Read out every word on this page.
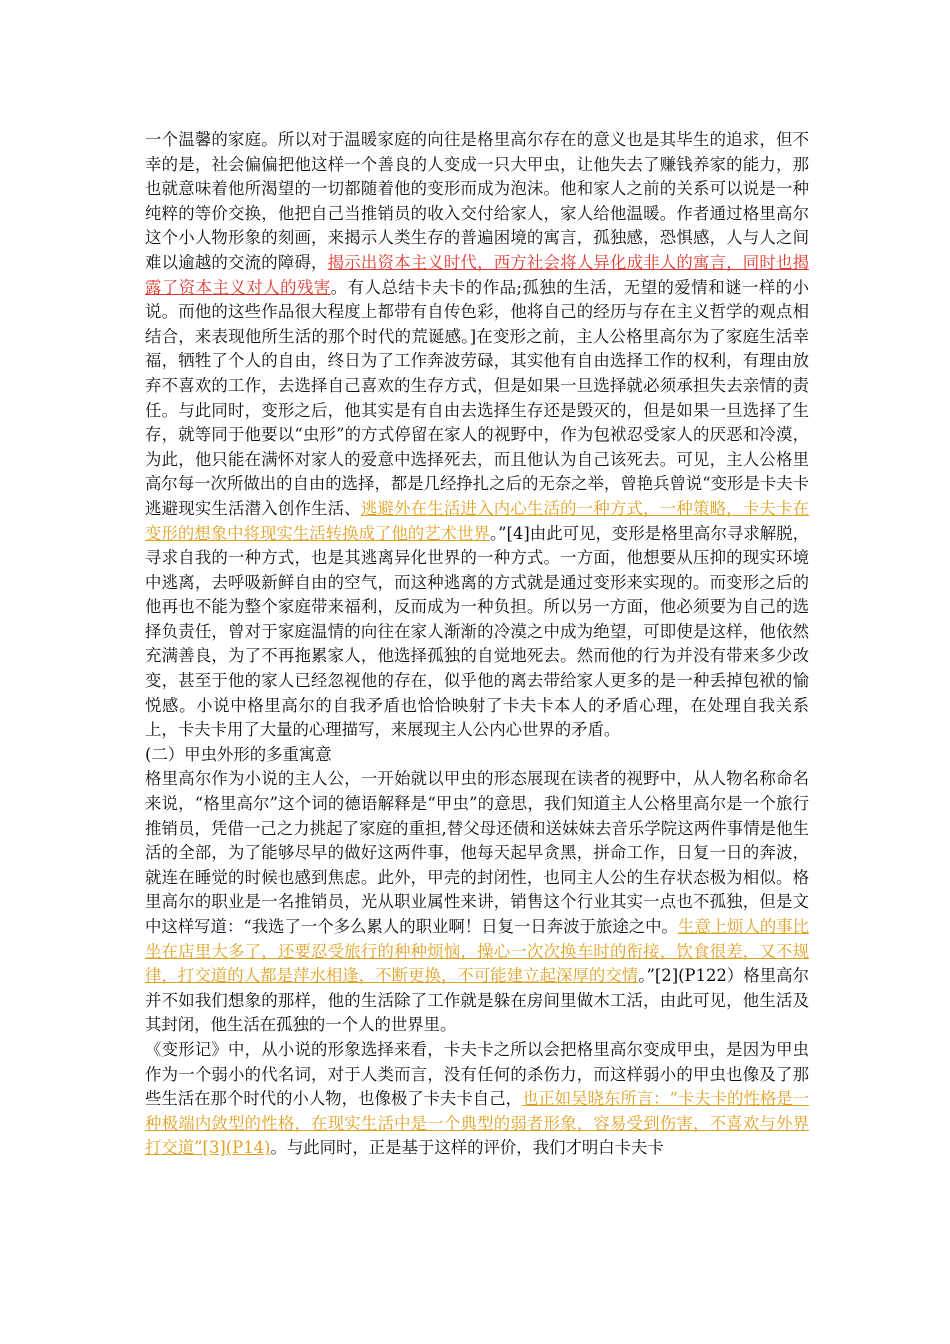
一个温馨的家庭。所以对于温暖家庭的向往是格里高尔存在的意义也是其毕生的追求，但不幸的是，社会偏偏把他这样一个善良的人变成一只大甲虫，让他失去了赚钱养家的能力，那也就意味着他所渴望的一切都随着他的变形而成为泡沫。他和家人之前的关系可以说是一种纯粹的等价交换，他把自己当推销员的收入交付给家人，家人给他温暖。作者通过格里高尔这个小人物形象的刻画，来揭示人类生存的普遍困境的寓言，孤独感，恐惧感，人与人之间难以逾越的交流的障碍，揭示出资本主义时代，西方社会将人异化成非人的寓言，同时也揭露了资本主义对人的残害。有人总结卡夫卡的作品;孤独的生活，无望的爱情和谜一样的小说。而他的这些作品很大程度上都带有自传色彩，他将自己的经历与存在主义哲学的观点相结合，来表现他所生活的那个时代的荒诞感。]在变形之前，主人公格里高尔为了家庭生活幸福，牺牲了个人的自由，终日为了工作奔波劳碌，其实他有自由选择工作的权利，有理由放弃不喜欢的工作，去选择自己喜欢的生存方式，但是如果一旦选择就必须承担失去亲情的责任。与此同时，变形之后，他其实是有自由去选择生存还是毁灭的，但是如果一旦选择了生存，就等同于他要以“虫形”的方式停留在家人的视野中，作为包袱忍受家人的厌恶和冷漠，为此，他只能在满怀对家人的爱意中选择死去，而且他认为自己该死去。可见，主人公格里高尔每一次所做出的自由的选择，都是几经挣扎之后的无奈之举，曾艳兵曾说“变形是卡夫卡逃避现实生活潜入创作生活、逃避外在生活进入内心生活的一种方式，一种策略，卡夫卡在变形的想象中将现实生活转换成了他的艺术世界。”[4]由此可见，变形是格里高尔寻求解脱，寻求自我的一种方式，也是其逃离异化世界的一种方式。一方面，他想要从压抑的现实环境中逃离，去呼吸新鲜自由的空气，而这种逃离的方式就是通过变形来实现的。而变形之后的他再也不能为整个家庭带来福利，反而成为一种负担。所以另一方面，他必须要为自己的选择负责任，曾对于家庭温情的向往在家人渐渐的冷漠之中成为绝望，可即使是这样，他依然充满善良，为了不再拖累家人，他选择孤独的自觉地死去。然而他的行为并没有带来多少改变，甚至于他的家人已经忽视他的存在，似乎他的离去带给家人更多的是一种丢掉包袱的愉悦感。小说中格里高尔的自我矛盾也恰恰映射了卡夫卡本人的矛盾心理，在处理自我关系上，卡夫卡用了大量的心理描写，来展现主人公内心世界的矛盾。

(二）甲虫外形的多重寓意

格里高尔作为小说的主人公，一开始就以甲虫的形态展现在读者的视野中，从人物名称命名来说，“格里高尔”这个词的德语解释是“甲虫”的意思，我们知道主人公格里高尔是一个旅行推销员，凭借一己之力挑起了家庭的重担,替父母还债和送妹妹去音乐学院这两件事情是他生活的全部，为了能够尽早的做好这两件事，他每天起早贪黑，拼命工作，日复一日的奔波，就连在睡觉的时候也感到焦虑。此外，甲壳的封闭性，也同主人公的生存状态极为相似。格里高尔的职业是一名推销员，光从职业属性来讲，销售这个行业其实一点也不孤独，但是文中这样写道：“我选了一个多么累人的职业啊！日复一日奔波于旅途之中。生意上烦人的事比坐在店里大多了，还要忍受旅行的种种烦恼，操心一次次换车时的衔接，饮食很差，又不规律，打交道的人都是萍水相逢，不断更换，不可能建立起深厚的交情。”[2](P122）格里高尔并不如我们想象的那样，他的生活除了工作就是躲在房间里做木工活，由此可见，他生活及其封闭，他生活在孤独的一个人的世界里。

《变形记》中，从小说的形象选择来看，卡夫卡之所以会把格里高尔变成甲虫，是因为甲虫作为一个弱小的代名词，对于人类而言，没有任何的杀伤力，而这样弱小的甲虫也像及了那些生活在那个时代的小人物，也像极了卡夫卡自己，也正如吴晓东所言：“卡夫卡的性格是一种极端内敛型的性格，在现实生活中是一个典型的弱者形象，容易受到伤害，不喜欢与外界打交道”[3](P14)。与此同时，正是基于这样的评价，我们才明白卡夫卡
